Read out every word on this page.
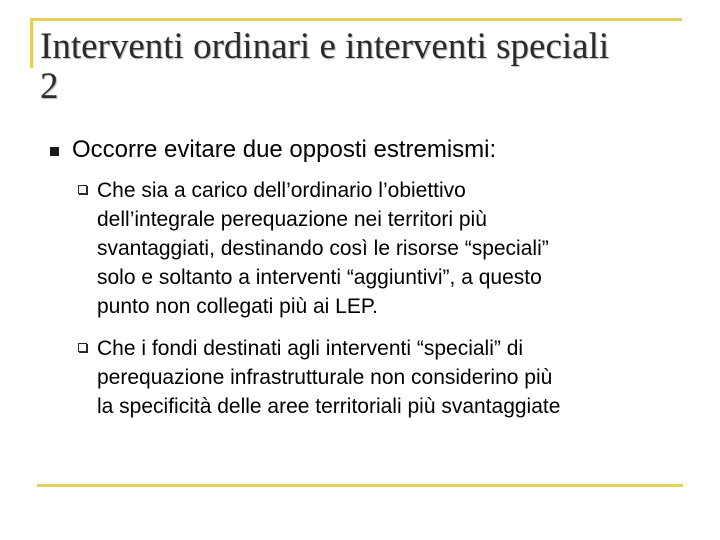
Interventi ordinari e interventi speciali
2
Occorre evitare due opposti estremismi:
Che sia a carico dell’ordinario l’obiettivo
dell’integrale perequazione nei territori più
svantaggiati, destinando così le risorse “speciali”
solo e soltanto a interventi “aggiuntivi”, a questo
punto non collegati più ai LEP.
Che i fondi destinati agli interventi “speciali” di
perequazione infrastrutturale non considerino più
la specificità delle aree territoriali più svantaggiate
